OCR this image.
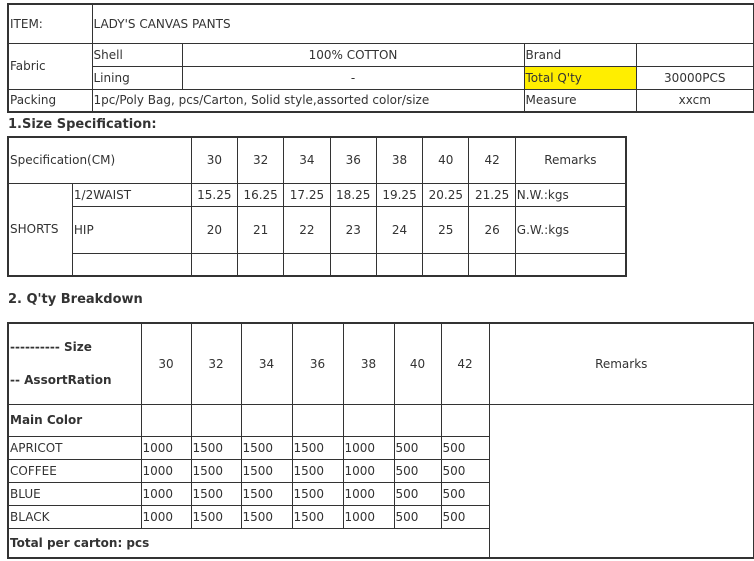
ITEM:	LADY'S CANVAS PANTS			
Fabric	Shell	100% COTTON	Brand	
	Lining	-	Total Q'ty	30000PCS
Packing	1pc/Poly Bag, pcs/Carton, Solid style,assorted color/size		Measure	xxcm
1.Size Specification:
Specification(CM)		30	32	34	36	38	40	42	Remarks
SHORTS	1/2WAIST	15.25	16.25	17.25	18.25	19.25	20.25	21.25	N.W.:kgs
	HIP	20	21	22	23	24	25	26	G.W.:kgs

2. Q'ty Breakdown
---------- Size
-- AssortRation	30	32	34	36	38	40	42	Remarks
Main Color								
APRICOT	1000	1500	1500	1500	1000	500	500	
COFFEE	1000	1500	1500	1500	1000	500	500	
BLUE	1000	1500	1500	1500	1000	500	500	
BLACK	1000	1500	1500	1500	1000	500	500	
Total per carton: pcs								
